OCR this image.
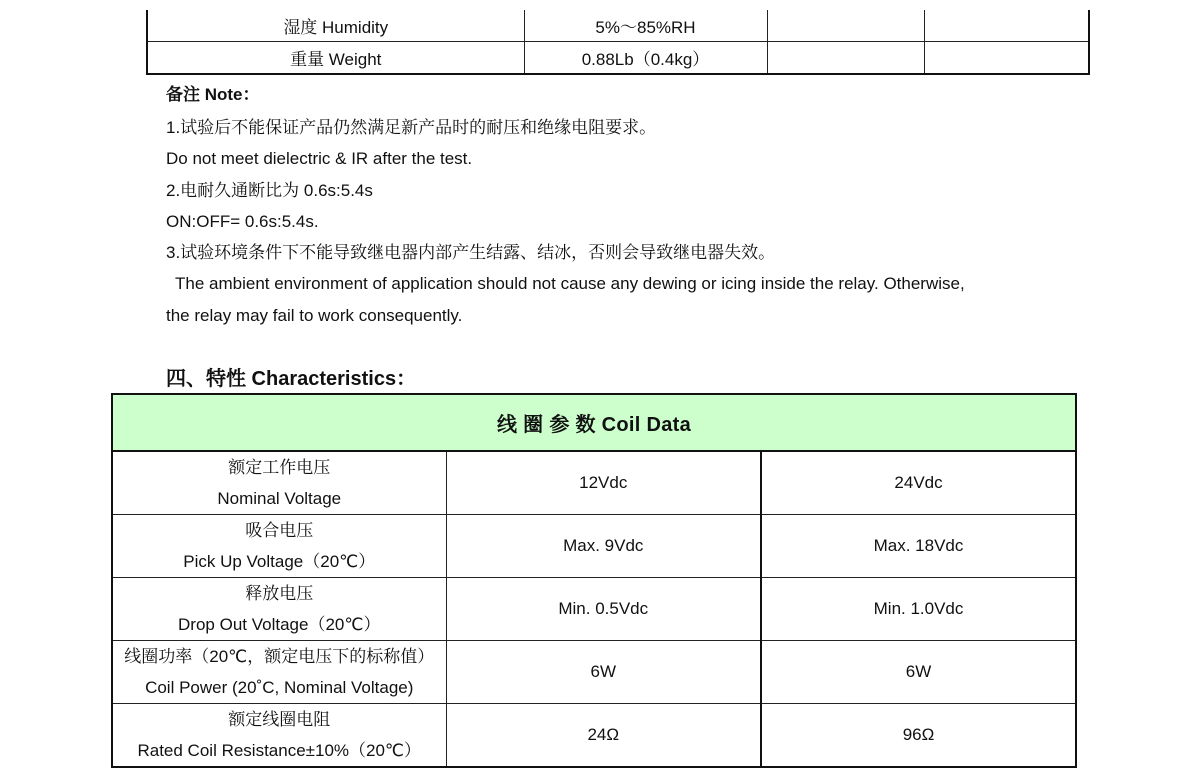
湿度 Humidity	5%～85%RH		
重量 Weight	0.88Lb（0.4kg）		
备注 Note：
1.试验后不能保证产品仍然满足新产品时的耐压和绝缘电阻要求。
Do not meet dielectric & IR after the test.
2.电耐久通断比为 0.6s:5.4s
ON:OFF= 0.6s:5.4s.
3.试验环境条件下不能导致继电器内部产生结露、结冰，否则会导致继电器失效。
The ambient environment of application should not cause any dewing or icing inside the relay. Otherwise,
the relay may fail to work consequently.
四、特性 Characteristics：
线 圈 参 数 Coil Data		

额定工作电压
Nominal Voltage	12Vdc	24Vdc

吸合电压
Pick Up Voltage（20℃）	Max. 9Vdc	Max. 18Vdc

释放电压
Drop Out Voltage（20℃）	Min. 0.5Vdc	Min. 1.0Vdc

线圈功率（20℃，额定电压下的标称值）
Coil Power (20˚C, Nominal Voltage)	6W	6W

额定线圈电阻
Rated Coil Resistance±10%（20℃）	24Ω	96Ω
